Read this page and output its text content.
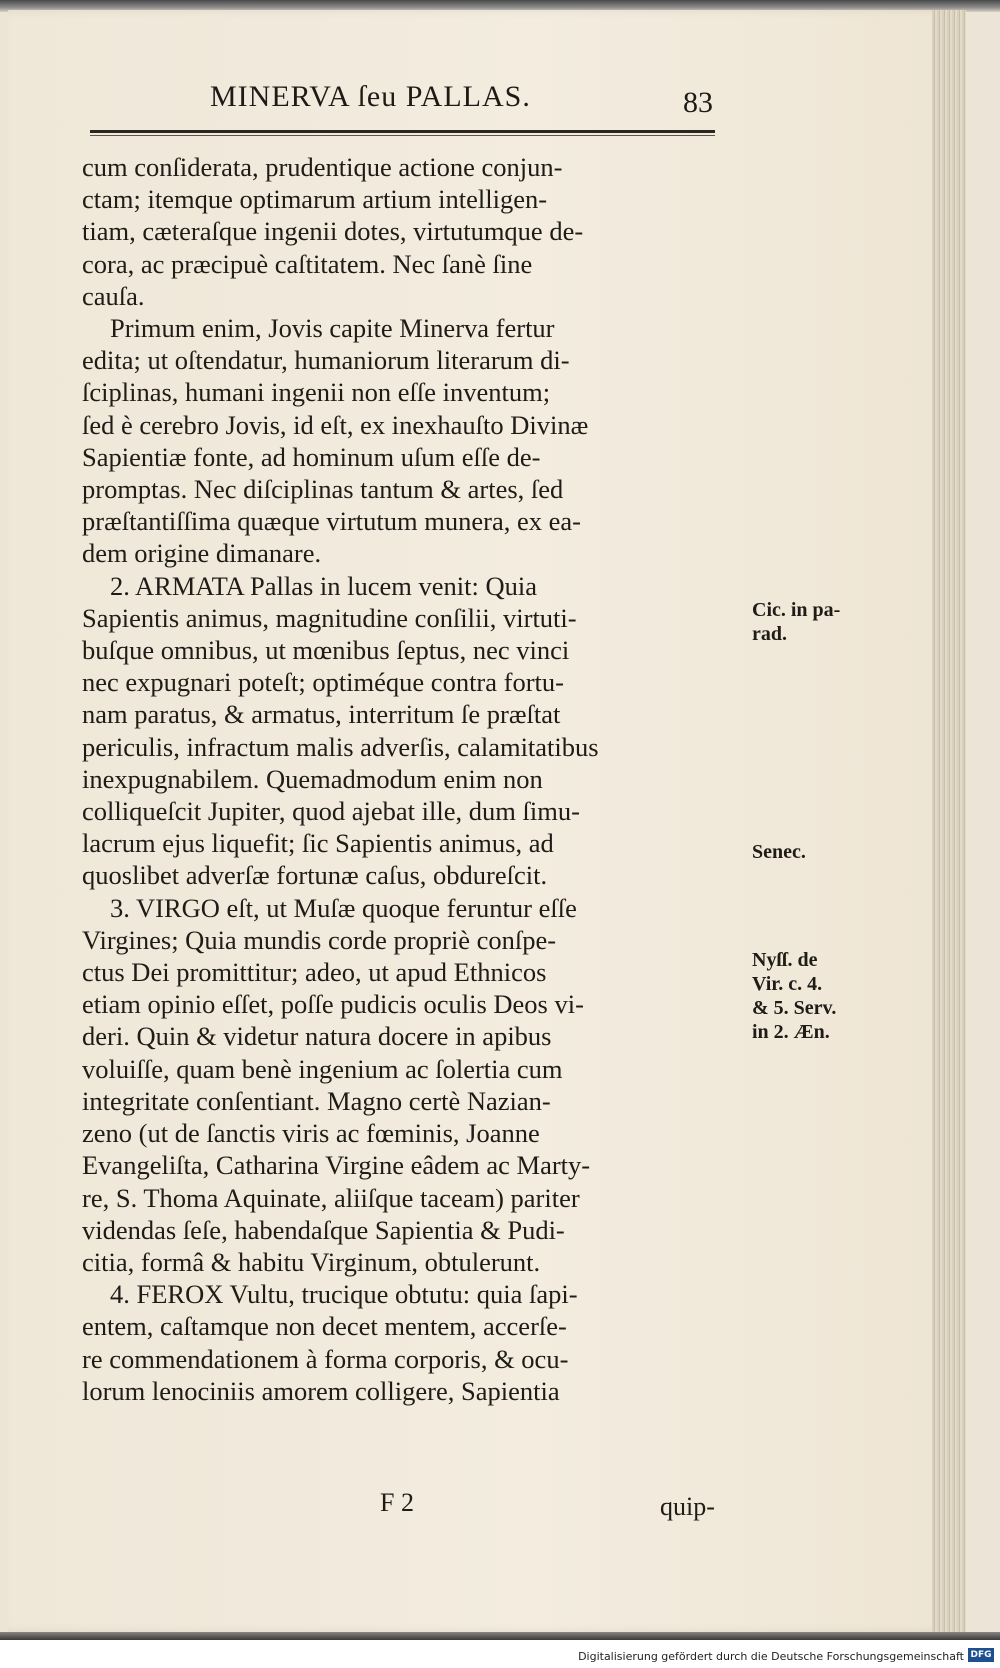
MINERVA ſeu PALLAS.	83
cum conſiderata, prudentique actione conjun-
ctam; itemque optimarum artium intelligen-
tiam, cæteraſque ingenii dotes, virtutumque de-
cora, ac præcipuè caſtitatem. Nec ſanè ſine
cauſa.
Primum enim, Jovis capite Minerva fertur
edita; ut oſtendatur, humaniorum literarum di-
ſciplinas, humani ingenii non eſſe inventum;
ſed è cerebro Jovis, id eſt, ex inexhauſto Divinæ
Sapientiæ fonte, ad hominum uſum eſſe de-
promptas. Nec diſciplinas tantum & artes, ſed
præſtantiſſima quæque virtutum munera, ex ea-
dem origine dimanare.
2. ARMATA Pallas in lucem venit: Quia
Sapientis animus, magnitudine conſilii, virtuti-
buſque omnibus, ut mœnibus ſeptus, nec vinci
nec expugnari poteſt; optiméque contra fortu-
nam paratus, & armatus, interritum ſe præſtat
periculis, infractum malis adverſis, calamitatibus
inexpugnabilem. Quemadmodum enim non
colliqueſcit Jupiter, quod ajebat ille, dum ſimu-
lacrum ejus liquefit; ſic Sapientis animus, ad
quoslibet adverſæ fortunæ caſus, obdureſcit.
3. VIRGO eſt, ut Muſæ quoque feruntur eſſe
Virgines; Quia mundis corde propriè conſpe-
ctus Dei promittitur; adeo, ut apud Ethnicos
etiam opinio eſſet, poſſe pudicis oculis Deos vi-
deri. Quin & videtur natura docere in apibus
voluiſſe, quam benè ingenium ac ſolertia cum
integritate conſentiant. Magno certè Nazian-
zeno (ut de ſanctis viris ac fœminis, Joanne
Evangeliſta, Catharina Virgine eâdem ac Marty-
re, S. Thoma Aquinate, aliiſque taceam) pariter
videndas ſeſe, habendaſque Sapientia & Pudi-
citia, formâ & habitu Virginum, obtulerunt.
4. FEROX Vultu, trucique obtutu: quia ſapi-
entem, caſtamque non decet mentem, accerſe-
re commendationem à forma corporis, & ocu-
lorum lenociniis amorem colligere, Sapientia
Cic. in pa-
rad.
Senec.
Nyſſ. de
Vir. c. 4.
& 5. Serv.
in 2. Æn.
F 2	quip-
Digitalisierung gefördert durch die Deutsche Forschungsgemeinschaft DFG
